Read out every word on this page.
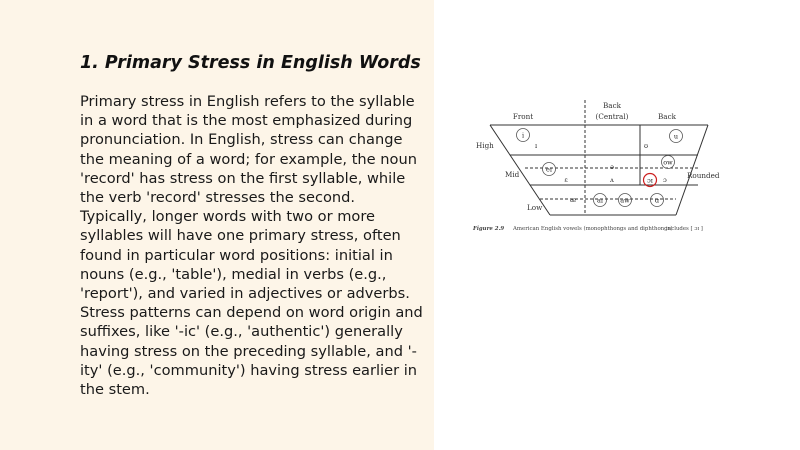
1. Primary Stress in English Words

Primary stress in English refers to the syllable in a word that is the most emphasized during pronunciation. In English, stress can change the meaning of a word; for example, the noun 'record' has stress on the first syllable, while the verb 'record' stresses the second. Typically, longer words with two or more syllables will have one primary stress, often found in particular word positions: initial in nouns (e.g., 'table'), medial in verbs (e.g., 'report'), and varied in adjectives or adverbs. Stress patterns can depend on word origin and suffixes, like '-ic' (e.g., 'authentic') generally having stress on the preceding syllable, and '-ity' (e.g., 'community') having stress earlier in the stem.

Front
Back
(Central)	Back
High
Mid
Low
Rounded
i
ɪ
u
ʊ
eɪ
ɛ
ə
ʌ
ow
ɔɪ ɔ
æ	aɪ	aw	ɑ
Figure 2.9 American English vowels (monophthongs and diphthongs)
includes [ ɔɪ ]
